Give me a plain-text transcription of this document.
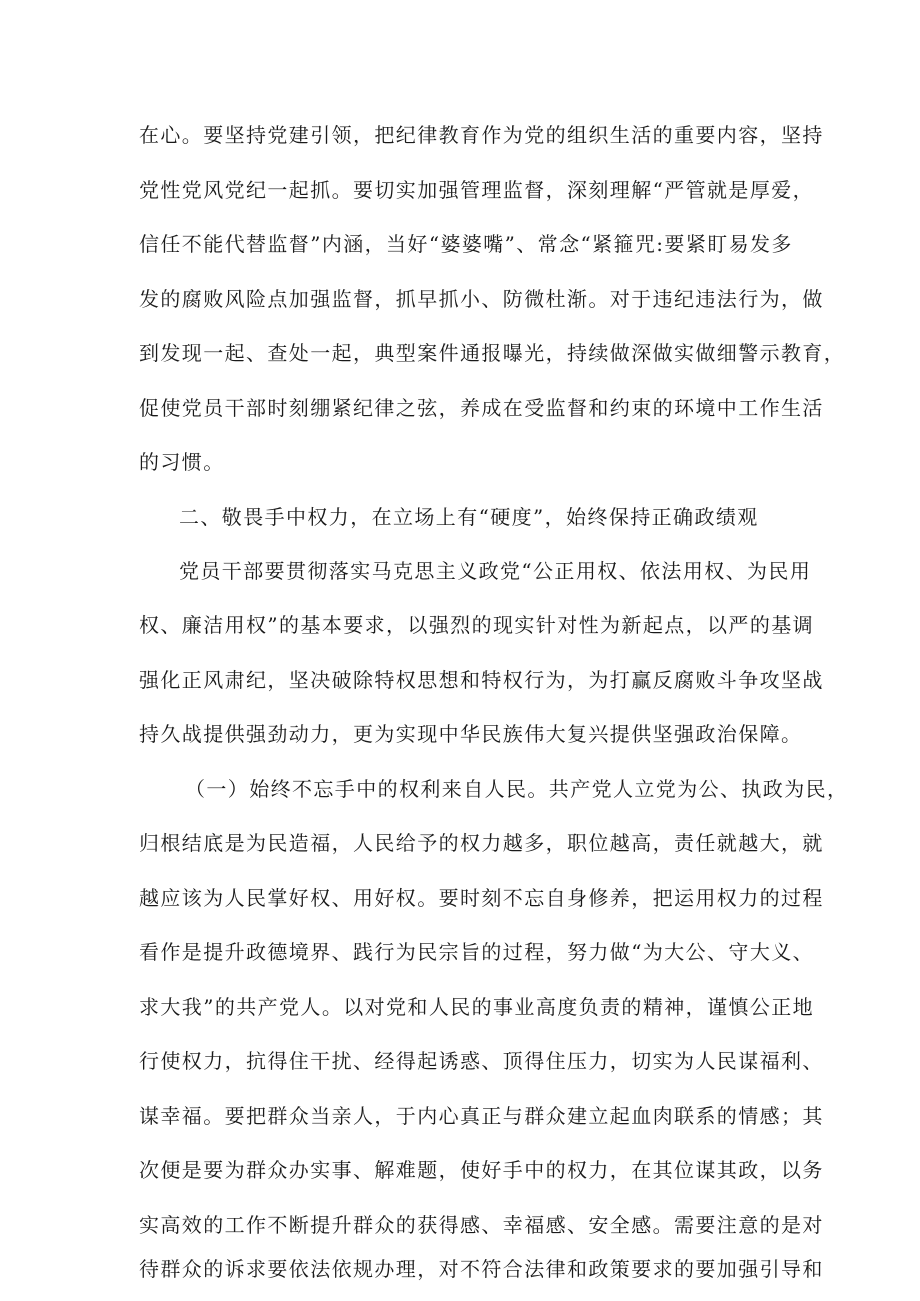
在心。要坚持党建引领，把纪律教育作为党的组织生活的重要内容，坚持

党性党风党纪一起抓。要切实加强管理监督，深刻理解“严管就是厚爱，

信任不能代替监督”内涵，当好“婆婆嘴”、常念“紧箍咒:要紧盯易发多

发的腐败风险点加强监督，抓早抓小、防微杜渐。对于违纪违法行为，做

到发现一起、查处一起，典型案件通报曝光，持续做深做实做细警示教育，

促使党员干部时刻绷紧纪律之弦，养成在受监督和约束的环境中工作生活

的习惯。

二、敬畏手中权力，在立场上有“硬度”，始终保持正确政绩观

党员干部要贯彻落实马克思主义政党“公正用权、依法用权、为民用

权、廉洁用权”的基本要求，以强烈的现实针对性为新起点，以严的基调

强化正风肃纪，坚决破除特权思想和特权行为，为打赢反腐败斗争攻坚战

持久战提供强劲动力，更为实现中华民族伟大复兴提供坚强政治保障。

（一）始终不忘手中的权利来自人民。共产党人立党为公、执政为民，

归根结底是为民造福，人民给予的权力越多，职位越高，责任就越大，就

越应该为人民掌好权、用好权。要时刻不忘自身修养，把运用权力的过程

看作是提升政德境界、践行为民宗旨的过程，努力做“为大公、守大义、

求大我”的共产党人。以对党和人民的事业高度负责的精神，谨慎公正地

行使权力，抗得住干扰、经得起诱惑、顶得住压力，切实为人民谋福利、

谋幸福。要把群众当亲人，于内心真正与群众建立起血肉联系的情感；其

次便是要为群众办实事、解难题，使好手中的权力，在其位谋其政，以务

实高效的工作不断提升群众的获得感、幸福感、安全感。需要注意的是对

待群众的诉求要依法依规办理，对不符合法律和政策要求的要加强引导和
